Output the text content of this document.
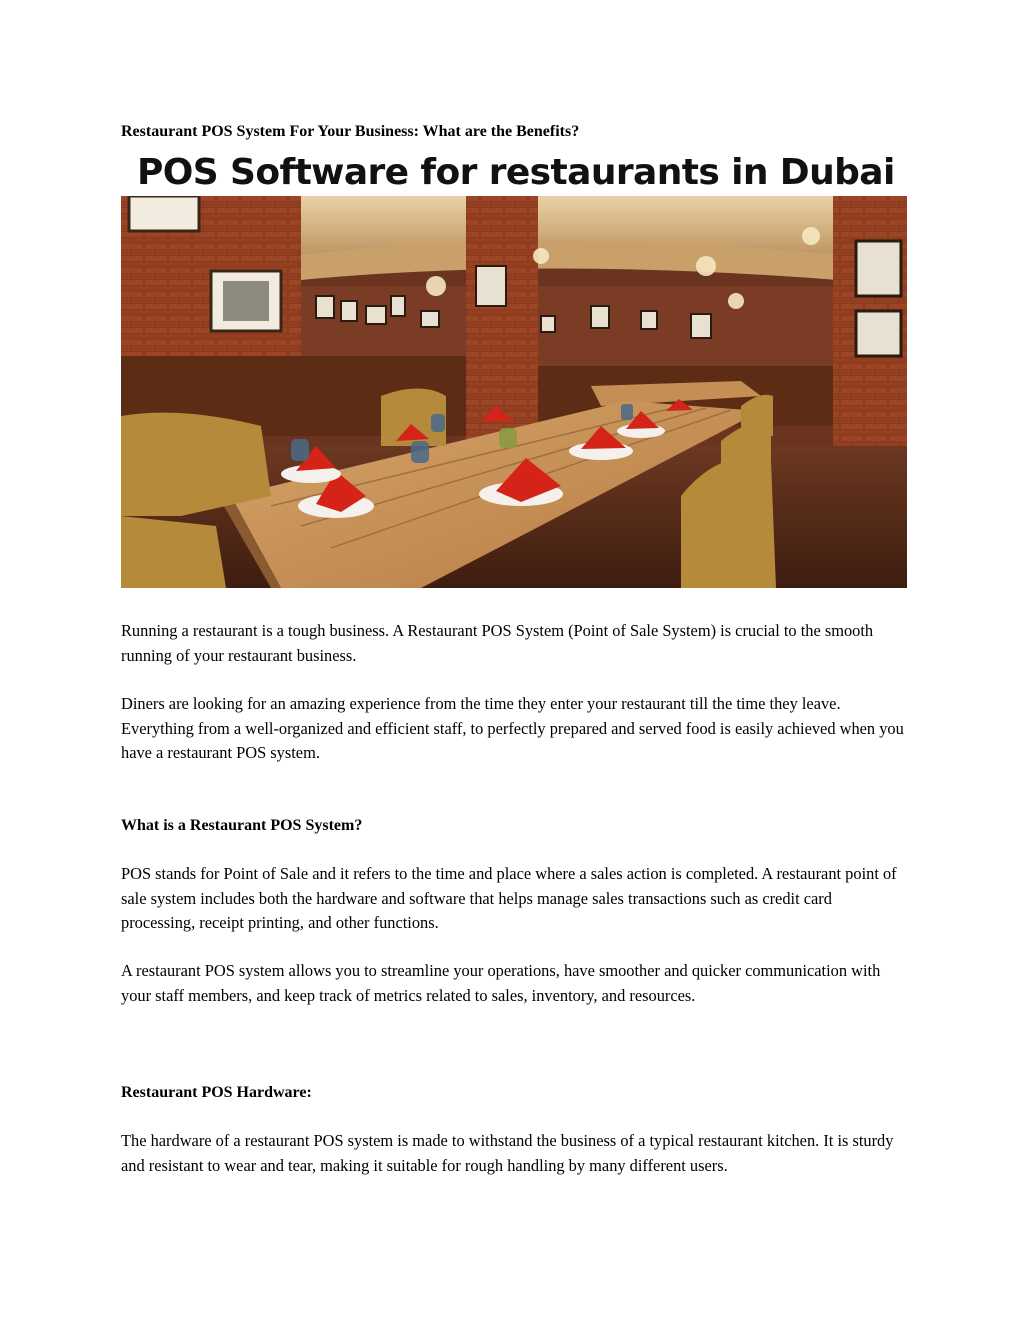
Restaurant POS System For Your Business: What are the Benefits?
POS Software for restaurants in Dubai
Running a restaurant is a tough business. A Restaurant POS System (Point of Sale System) is crucial to the smooth running of your restaurant business.
Diners are looking for an amazing experience from the time they enter your restaurant till the time they leave. Everything from a well-organized and efficient staff, to perfectly prepared and served food is easily achieved when you have a restaurant POS system.
What is a Restaurant POS System?
POS stands for Point of Sale and it refers to the time and place where a sales action is completed. A restaurant point of sale system includes both the hardware and software that helps manage sales transactions such as credit card processing, receipt printing, and other functions.
A restaurant POS system allows you to streamline your operations, have smoother and quicker communication with your staff members, and keep track of metrics related to sales, inventory, and resources.
Restaurant POS Hardware:
The hardware of a restaurant POS system is made to withstand the business of a typical restaurant kitchen. It is sturdy and resistant to wear and tear, making it suitable for rough handling by many different users.
